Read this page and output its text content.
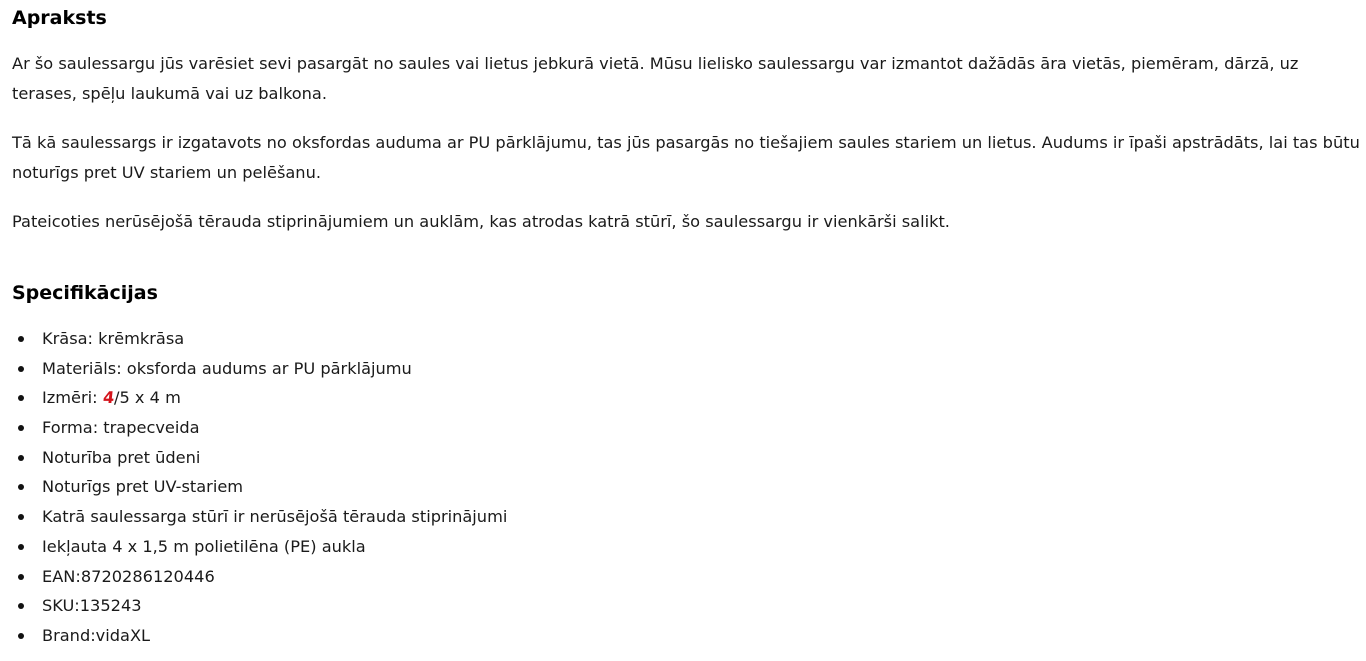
Apraksts

Ar šo saulessargu jūs varēsiet sevi pasargāt no saules vai lietus jebkurā vietā. Mūsu lielisko saulessargu var izmantot dažādās āra vietās, piemēram, dārzā, uz terases, spēļu laukumā vai uz balkona.

Tā kā saulessargs ir izgatavots no oksfordas auduma ar PU pārklājumu, tas jūs pasargās no tiešajiem saules stariem un lietus. Audums ir īpaši apstrādāts, lai tas būtu noturīgs pret UV stariem un pelēšanu.

Pateicoties nerūsējošā tērauda stiprinājumiem un auklām, kas atrodas katrā stūrī, šo saulessargu ir vienkārši salikt.

Specifikācijas
Krāsa: krēmkrāsa
Materiāls: oksforda audums ar PU pārklājumu
Izmēri: 4/5 x 4 m
Forma: trapecveida
Noturība pret ūdeni
Noturīgs pret UV-stariem
Katrā saulessarga stūrī ir nerūsējošā tērauda stiprinājumi
Iekļauta 4 x 1,5 m polietilēna (PE) aukla
EAN:8720286120446
SKU:135243
Brand:vidaXL
